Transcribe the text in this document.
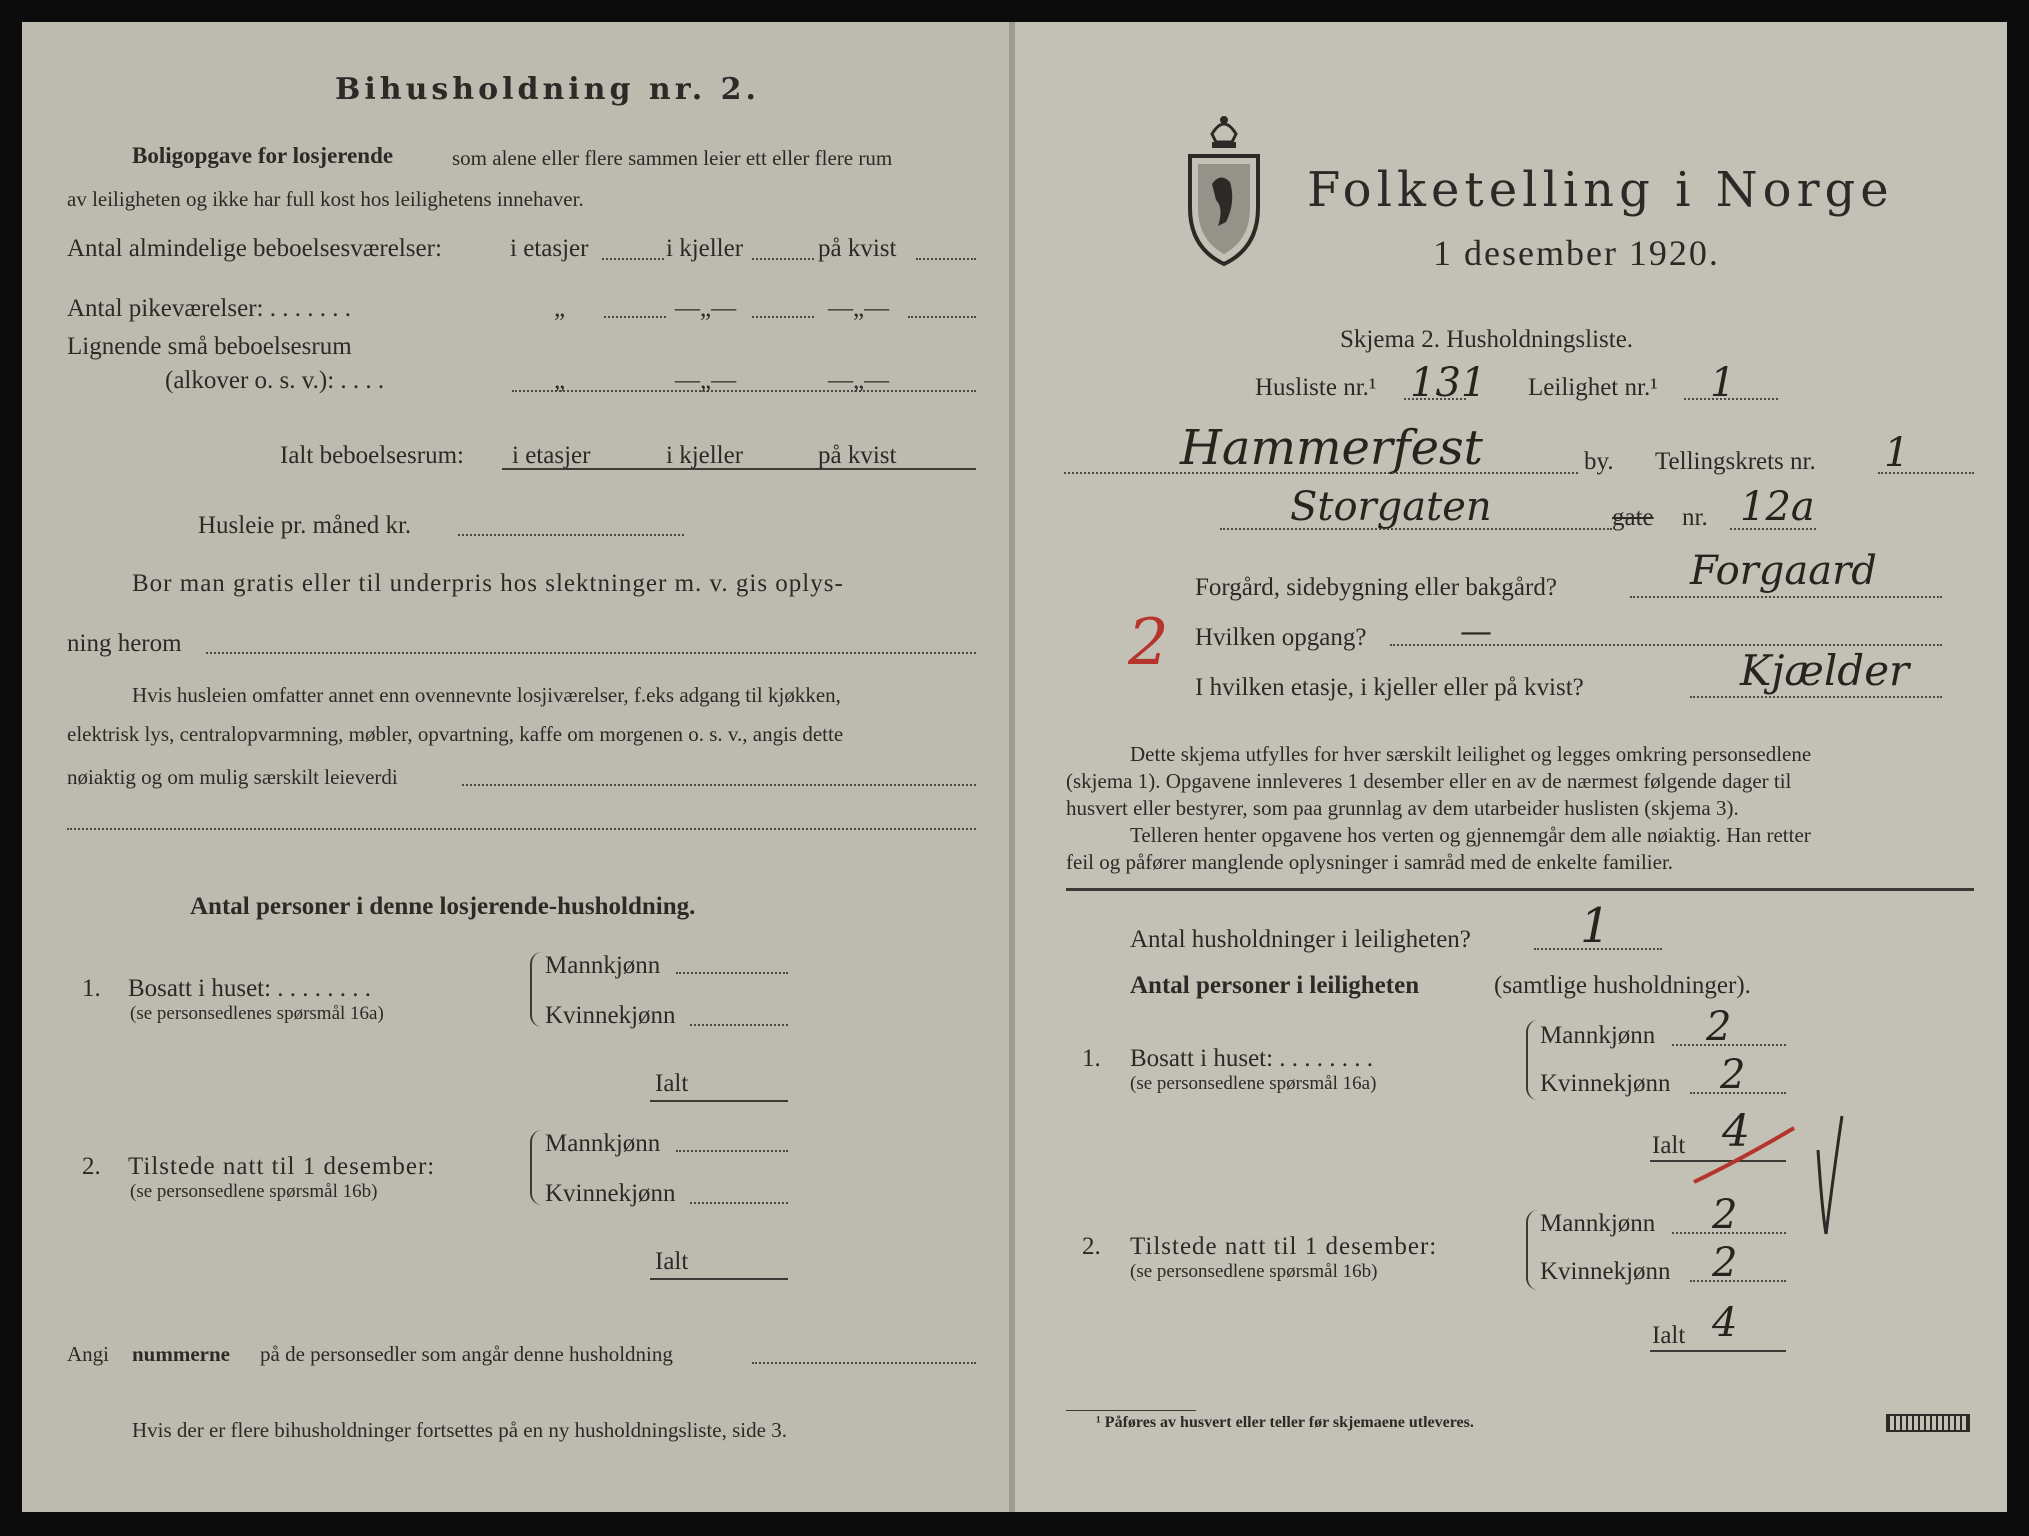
Bihusholdning nr. 2.
Boligopgave for losjerende	som alene eller flere sammen leier ett eller flere rum
av leiligheten og ikke har full kost hos leilighetens innehaver.
Antal almindelige beboelsesværelser:	i etasjer	i kjeller	på kvist
Antal pikeværelser: . . . . . . .	„	—„—	—„—
Lignende små beboelsesrum
(alkover o. s. v.): . . . .	„	—„—	—„—
Ialt beboelsesrum: i etasjer	i kjeller	på kvist
Husleie pr. måned kr.
Bor man gratis eller til underpris hos slektninger m. v. gis oplys-
ning herom
Hvis husleien omfatter annet enn ovennevnte losjiværelser, f.eks adgang til kjøkken,
elektrisk lys, centralopvarmning, møbler, opvartning, kaffe om morgenen o. s. v., angis dette
nøiaktig og om mulig særskilt leieverdi
Antal personer i denne losjerende-husholdning.
1. Bosatt i huset: . . . . . . . .
(se personsedlenes spørsmål 16a)
Mannkjønn
Kvinnekjønn
Ialt
2. Tilstede natt til 1 desember:
(se personsedlene spørsmål 16b)
Mannkjønn
Kvinnekjønn
Ialt
Angi nummerne på de personsedler som angår denne husholdning
Hvis der er flere bihusholdninger fortsettes på en ny husholdningsliste, side 3.
Folketelling i Norge
1 desember 1920.
Skjema 2. Husholdningsliste.
Husliste nr.¹ 131 Leilighet nr.¹ 1
Hammerfest	by. Tellingskrets nr. 1
Storgaten	gate nr. 12a
Forgård, sidebygning eller bakgård?	Forgaard
2 Hvilken opgang?	—
I hvilken etasje, i kjeller eller på kvist?	Kjælder
Dette skjema utfylles for hver særskilt leilighet og legges omkring personsedlene
(skjema 1). Opgavene innleveres 1 desember eller en av de nærmest følgende dager til
husvert eller bestyrer, som paa grunnlag av dem utarbeider huslisten (skjema 3).
Telleren henter opgavene hos verten og gjennemgår dem alle nøiaktig. Han retter
feil og påfører manglende oplysninger i samråd med de enkelte familier.
Antal husholdninger i leiligheten? 1
Antal personer i leiligheten	(samtlige husholdninger).
1. Bosatt i huset: . . . . . . . .
(se personsedlene spørsmål 16a)
Mannkjønn 2
Kvinnekjønn 2
Ialt 4
2. Tilstede natt til 1 desember:
(se personsedlene spørsmål 16b)
Mannkjønn 2
Kvinnekjønn 2
Ialt 4
¹ Påføres av husvert eller teller før skjemaene utleveres.
